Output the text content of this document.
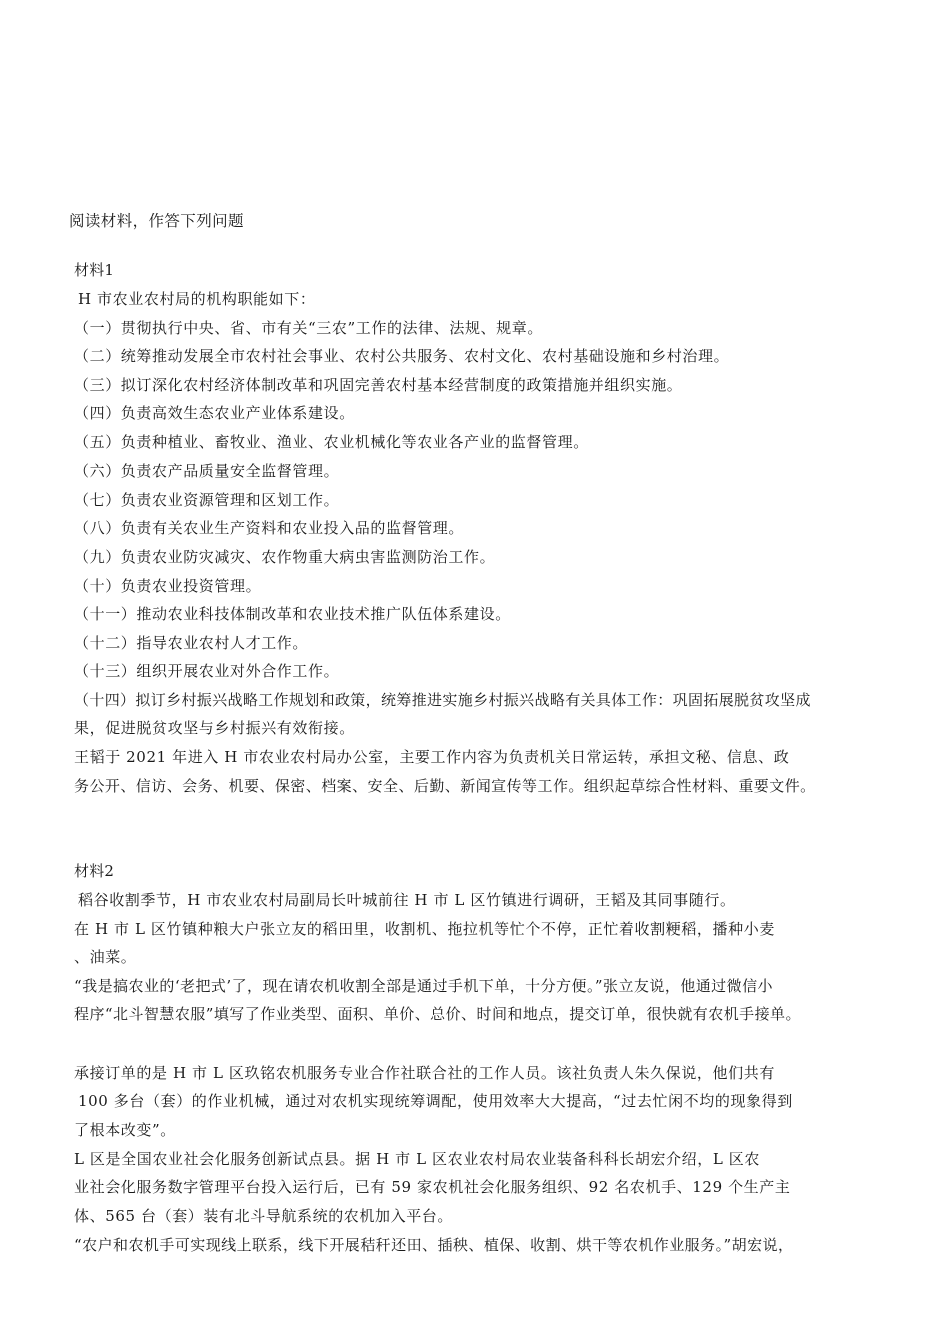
阅读材料，作答下列问题
材料1
H 市农业农村局的机构职能如下：
（一）贯彻执行中央、省、市有关“三农”工作的法律、法规、规章。
（二）统筹推动发展全市农村社会事业、农村公共服务、农村文化、农村基础设施和乡村治理。
（三）拟订深化农村经济体制改革和巩固完善农村基本经营制度的政策措施并组织实施。
（四）负责高效生态农业产业体系建设。
（五）负责种植业、畜牧业、渔业、农业机械化等农业各产业的监督管理。
（六）负责农产品质量安全监督管理。
（七）负责农业资源管理和区划工作。
（八）负责有关农业生产资料和农业投入品的监督管理。
（九）负责农业防灾减灾、农作物重大病虫害监测防治工作。
（十）负责农业投资管理。
（十一）推动农业科技体制改革和农业技术推广队伍体系建设。
（十二）指导农业农村人才工作。
（十三）组织开展农业对外合作工作。
（十四）拟订乡村振兴战略工作规划和政策，统筹推进实施乡村振兴战略有关具体工作：巩固拓展脱贫攻坚成
果，促进脱贫攻坚与乡村振兴有效衔接。
王韬于 2021 年进入 H 市农业农村局办公室，主要工作内容为负责机关日常运转，承担文秘、信息、政
务公开、信访、会务、机要、保密、档案、安全、后勤、新闻宣传等工作。组织起草综合性材料、重要文件。
材料2
稻谷收割季节，H 市农业农村局副局长叶城前往 H 市 L 区竹镇进行调研，王韬及其同事随行。
在 H 市 L 区竹镇种粮大户张立友的稻田里，收割机、拖拉机等忙个不停，正忙着收割粳稻，播种小麦
、油菜。
“我是搞农业的‘老把式’了，现在请农机收割全部是通过手机下单，十分方便。”张立友说，他通过微信小
程序“北斗智慧农服”填写了作业类型、面积、单价、总价、时间和地点，提交订单，很快就有农机手接单。
承接订单的是 H 市 L 区玖铭农机服务专业合作社联合社的工作人员。该社负责人朱久保说，他们共有
100 多台（套）的作业机械，通过对农机实现统筹调配，使用效率大大提高，“过去忙闲不均的现象得到
了根本改变”。
L 区是全国农业社会化服务创新试点县。据 H 市 L 区农业农村局农业装备科科长胡宏介绍，L 区农
业社会化服务数字管理平台投入运行后，已有 59 家农机社会化服务组织、92 名农机手、129 个生产主
体、565 台（套）装有北斗导航系统的农机加入平台。
“农户和农机手可实现线上联系，线下开展秸秆还田、插秧、植保、收割、烘干等农机作业服务。”胡宏说，
